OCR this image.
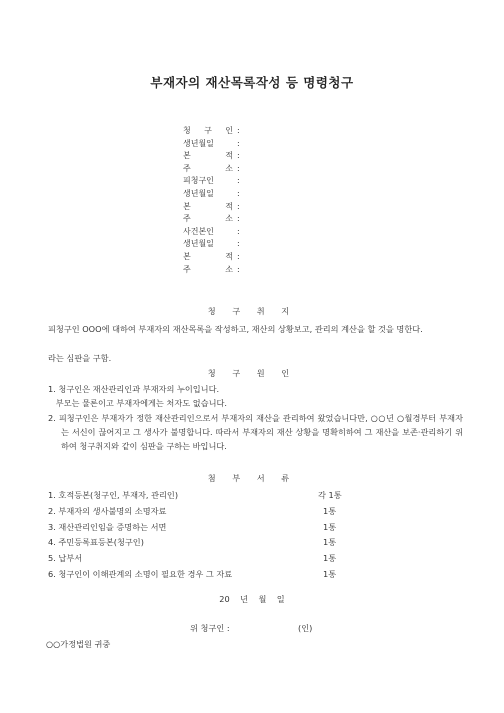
부재자의 재산목록작성 등 명령청구
청 구 인 :
생년월일	:
본 적 :
주 소 :
피청구인	:
생년월일	:
본 적 :
주 소 :
사건본인	:
생년월일	:
본 적 :
주 소 :
청 구 취 지
피청구인 OOO에 대하여 부재자의 재산목록을 작성하고, 재산의 상황보고, 관리의 계산을 할 것을 명한다.
라는 심판을 구함.
청 구 원 인
1. 청구인은 재산관리인과 부재자의 누이입니다.
부모는 물론이고 부재자에게는 처자도 없습니다.
2. 피청구인은 부재자가 정한 재산관리인으로서 부재자의 재산을 관리하여 왔었습니다만, ○○년 ○월경부터 부재자는 서신이 끊어지고 그 생사가 불명합니다. 따라서 부재자의 재산 상황을 명확히하여 그 재산을 보존·관리하기 위하여 청구취지와 같이 심판을 구하는 바입니다.
첨 부 서 류
1. 호적등본(청구인, 부재자, 관리인)	각 1통
2. 부재자의 생사불명의 소명자료	1통
3. 재산관리인임을 증명하는 서면	1통
4. 주민등록표등본(청구인)	1통
5. 납부서	1통
6. 청구인이 이해관계의 소명이 필요한 경우 그 자료	1통
20    년    월    일
위 청구인 :	(인)
○○가정법원 귀중
